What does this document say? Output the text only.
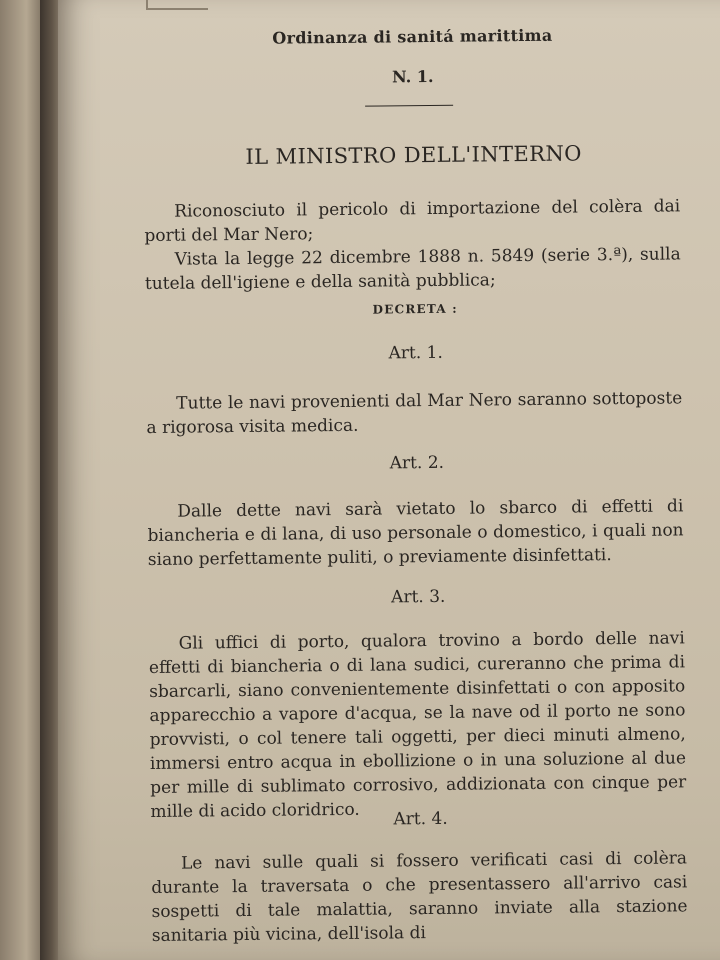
Ordinanza di sanitá marittima
N. 1.
IL MINISTRO DELL'INTERNO
Riconosciuto il pericolo di importazione del colèra dai porti del Mar Nero;
Vista la legge 22 dicembre 1888 n. 5849 (serie 3.ª), sulla tutela dell'igiene e della sanità pubblica;
DECRETA :
Art. 1.
Tutte le navi provenienti dal Mar Nero saranno sottoposte a rigorosa visita medica.
Art. 2.
Dalle dette navi sarà vietato lo sbarco di effetti di biancheria e di lana, di uso personale o domestico, i quali non siano perfettamente puliti, o previamente disinfettati.
Art. 3.
Gli uffici di porto, qualora trovino a bordo delle navi effetti di biancheria o di lana sudici, cureranno che prima di sbarcarli, siano convenientemente disinfettati o con apposito apparecchio a vapore d'acqua, se la nave od il porto ne sono provvisti, o col tenere tali oggetti, per dieci minuti almeno, immersi entro acqua in ebollizione o in una soluzione al due per mille di sublimato corrosivo, addizionata con cinque per mille di acido cloridrico.	Art. 4.
Le navi sulle quali si fossero verificati casi di colèra durante la traversata o che presentassero all'arrivo casi sospetti di tale malattia, saranno inviate alla stazione sanitaria più vicina, dell'isola di
